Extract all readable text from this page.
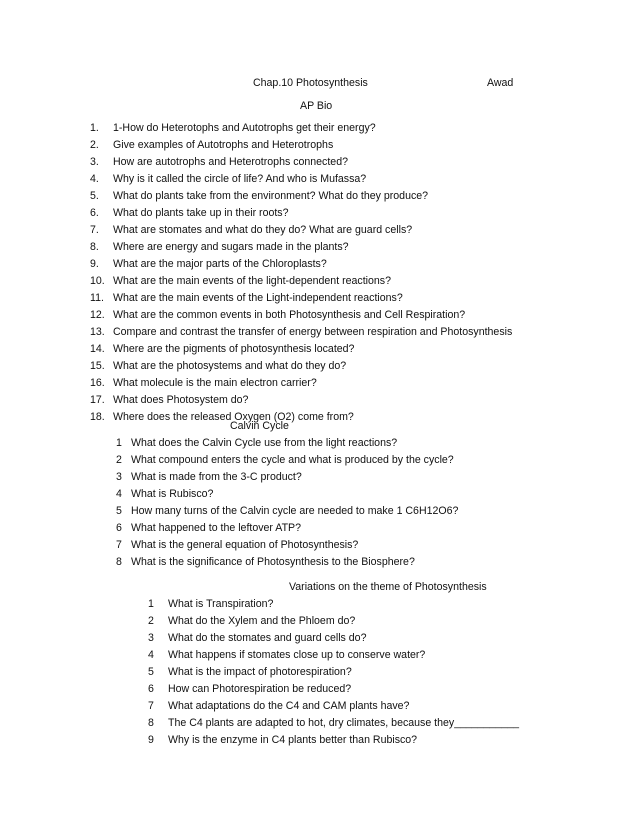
Chap.10 Photosynthesis	Awad
AP Bio
1. 1-How do Heterotophs and Autotrophs get their energy?
2. Give examples of Autotrophs and Heterotrophs
3. How are autotrophs and Heterotrophs connected?
4. Why is it called the circle of life? And who is Mufassa?
5. What do plants take from the environment? What do they produce?
6. What do plants take up in their roots?
7. What are stomates and what do they do? What are guard cells?
8. Where are energy and sugars made in the plants?
9. What are the major parts of the Chloroplasts?
10. What are the main events of the light-dependent reactions?
11. What are the main events of the Light-independent reactions?
12. What are the common events in both Photosynthesis and Cell Respiration?
13. Compare and contrast the transfer of energy between respiration and Photosynthesis
14. Where are the pigments of photosynthesis located?
15. What are the photosystems and what do they do?
16. What molecule is the main electron carrier?
17. What does Photosystem do?
18. Where does the released Oxygen (O2) come from?
Calvin Cycle
1 What does the Calvin Cycle use from the light reactions?
2 What compound enters the cycle and what is produced by the cycle?
3 What is made from the 3-C product?
4 What is Rubisco?
5 How many turns of the Calvin cycle are needed to make 1 C6H12O6?
6 What happened to the leftover ATP?
7 What is the general equation of Photosynthesis?
8 What is the significance of Photosynthesis to the Biosphere?
Variations on the theme of Photosynthesis
1 What is Transpiration?
2 What do the Xylem and the Phloem do?
3 What do the stomates and guard cells do?
4 What happens if stomates close up to conserve water?
5 What is the impact of photorespiration?
6 How can Photorespiration be reduced?
7 What adaptations do the C4 and CAM plants have?
8 The C4 plants are adapted to hot, dry climates, because they___________
9 Why is the enzyme in C4 plants better than Rubisco?
